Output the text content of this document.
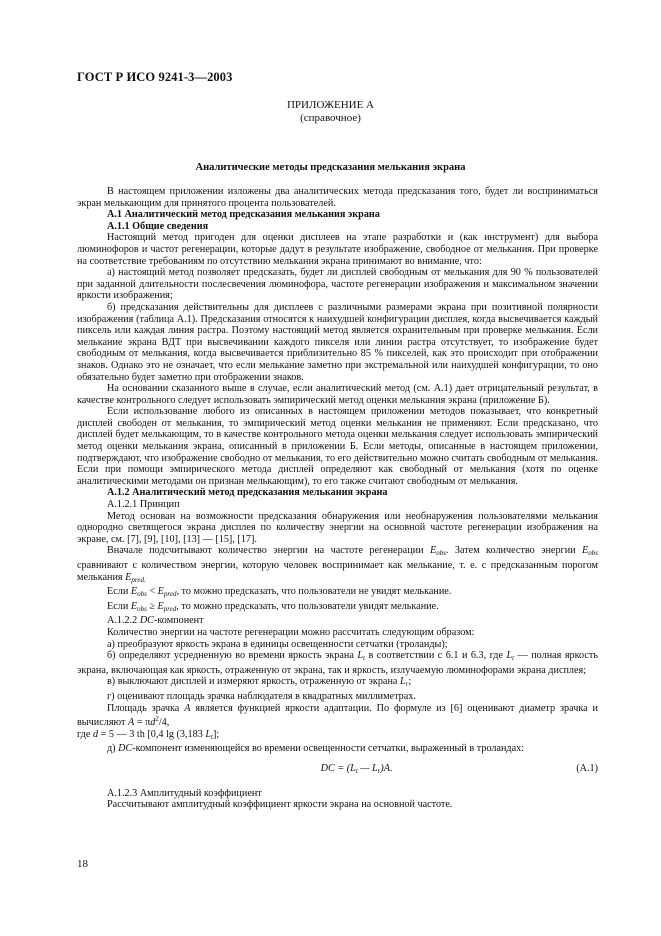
ГОСТ Р ИСО 9241-3—2003
ПРИЛОЖЕНИЕ А
(справочное)
Аналитические методы предсказания мелькания экрана

В настоящем приложении изложены два аналитических метода предсказания того, будет ли восприниматься экран мелькающим для принятого процента пользователей.

А.1 Аналитический метод предсказания мелькания экрана

А.1.1 Общие сведения

Настоящий метод пригоден для оценки дисплеев на этапе разработки и (как инструмент) для выбора люминофоров и частот регенерации, которые дадут в результате изображение, свободное от мелькания. При проверке на соответствие требованиям по отсутствию мелькания экрана принимают во внимание, что:

а) настоящий метод позволяет предсказать, будет ли дисплей свободным от мелькания для 90 % пользователей при заданной длительности послесвечения люминофора, частоте регенерации изображения и максимальном значении яркости изображения;

б) предсказания действительны для дисплеев с различными размерами экрана при позитивной полярности изображения (таблица А.1). Предсказания относятся к наихудшей конфигурации дисплея, когда высвечивается каждый пиксель или каждая линия растра. Поэтому настоящий метод является охранительным при проверке мелькания. Если мелькание экрана ВДТ при высвечивании каждого пикселя или линии растра отсутствует, то изображение будет свободным от мелькания, когда высвечивается приблизительно 85 % пикселей, как это происходит при отображении знаков. Однако это не означает, что если мелькание заметно при экстремальной или наихудшей конфигурации, то оно обязательно будет заметно при отображении знаков.

На основании сказанного выше в случае, если аналитический метод (см. А.1) дает отрицательный результат, в качестве контрольного следует использовать эмпирический метод оценки мелькания экрана (приложение Б).

Если использование любого из описанных в настоящем приложении методов показывает, что конкретный дисплей свободен от мелькания, то эмпирический метод оценки мелькания не применяют. Если предсказано, что дисплей будет мелькающим, то в качестве контрольного метода оценки мелькания следует использовать эмпирический метод оценки мелькания экрана, описанный в приложении Б. Если методы, описанные в настоящем приложении, подтверждают, что изображение свободно от мелькания, то его действительно можно считать свободным от мелькания. Если при помощи эмпирического метода дисплей определяют как свободный от мелькания (хотя по оценке аналитическими методами он признан мелькающим), то его также считают свободным от мелькания.

А.1.2 Аналитический метод предсказания мелькания экрана

А.1.2.1 Принцип

Метод основан на возможности предсказания обнаружения или необнаружения пользователями мелькания однородно светящегося экрана дисплея по количеству энергии на основной частоте регенерации изображения на экране, см. [7], [9], [10], [13] — [15], [17].

Вначале подсчитывают количество энергии на частоте регенерации $E_{obs}$. Затем количество энергии $E_{obs}$ сравнивают с количеством энергии, которую человек воспринимает как мелькание, т. е. с предсказанным порогом мелькания $E_{pred.}$

Если $E_{obs} < E_{pred}$, то можно предсказать, что пользователи не увидят мелькание.

Если $E_{obs} \ge E_{pred}$, то можно предсказать, что пользователи увидят мелькание.

А.1.2.2 DC-компонент

Количество энергии на частоте регенерации можно рассчитать следующим образом:

а) преобразуют яркость экрана в единицы освещенности сетчатки (троланды);

б) определяют усредненную во времени яркость экрана $L_t$ в соответствии с 6.1 и 6.3, где $L_t$ — полная яркость экрана, включающая как яркость, отраженную от экрана, так и яркость, излучаемую люминофорами экрана дисплея;

в) выключают дисплей и измеряют яркость, отраженную от экрана $L_r$;

г) оценивают площадь зрачка наблюдателя в квадратных миллиметрах.

Площадь зрачка A является функцией яркости адаптации. По формуле из [6] оценивают диаметр зрачка и вычисляют $A = \pi d^2/4$,

где d = 5 — 3 th [0,4 lg (3,183 $L_t$];

д) DC-компонент изменяющейся во времени освещенности сетчатки, выраженный в троландах:

DC = ($L_t$ — $L_r)A$.	(А.1)

А.1.2.3 Амплитудный коэффициент

Рассчитывают амплитудный коэффициент яркости экрана на основной частоте.

18
